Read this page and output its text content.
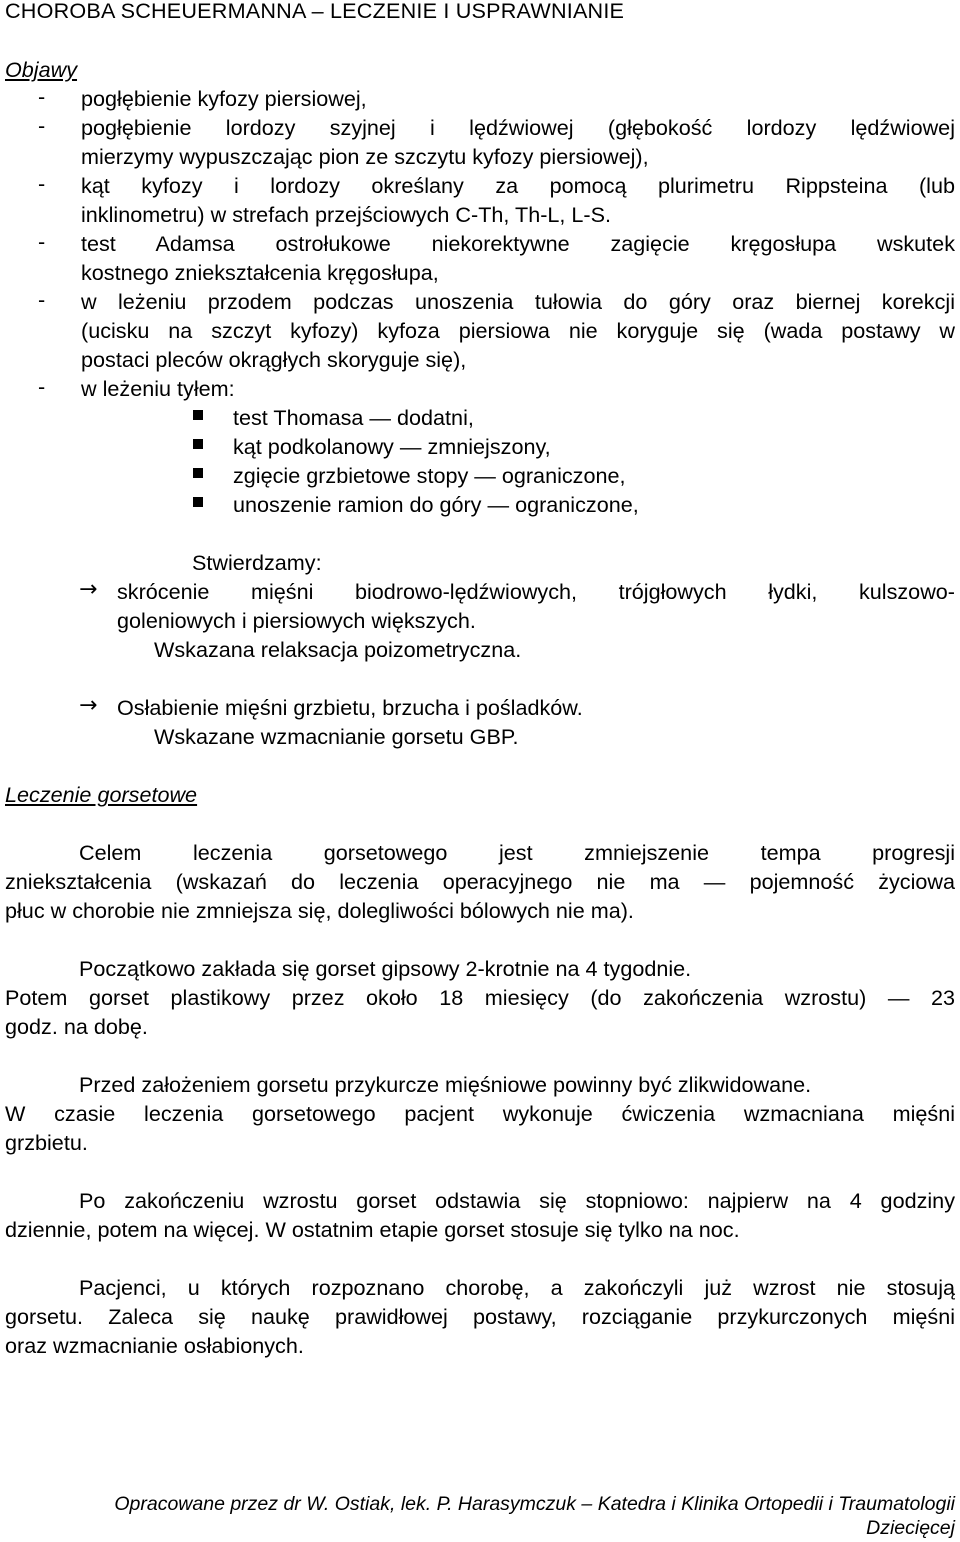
CHOROBA SCHEUERMANNA – LECZENIE I USPRAWNIANIE
Objawy
- pogłębienie kyfozy piersiowej,
- pogłębienie lordozy szyjnej i lędźwiowej (głębokość lordozy lędźwiowej
mierzymy wypuszczając pion ze szczytu kyfozy piersiowej),
- kąt kyfozy i lordozy określany za pomocą plurimetru Rippsteina (lub
inklinometru) w strefach przejściowych C-Th, Th-L, L-S.
- test Adamsa ostrołukowe niekorektywne zagięcie kręgosłupa wskutek
kostnego zniekształcenia kręgosłupa,
- w leżeniu przodem podczas unoszenia tułowia do góry oraz biernej korekcji
(ucisku na szczyt kyfozy) kyfoza piersiowa nie koryguje się (wada postawy w
postaci pleców okrągłych skoryguje się),
- w leżeniu tyłem:
test Thomasa — dodatni,
kąt podkolanowy — zmniejszony,
zgięcie grzbietowe stopy — ograniczone,
unoszenie ramion do góry — ograniczone,
Stwierdzamy:
→ skrócenie mięśni biodrowo-lędźwiowych, trójgłowych łydki, kulszowo-
goleniowych i piersiowych większych.
Wskazana relaksacja poizometryczna.
→ Osłabienie mięśni grzbietu, brzucha i pośladków.
Wskazane wzmacnianie gorsetu GBP.
Leczenie gorsetowe
Celem leczenia gorsetowego jest zmniejszenie tempa progresji
zniekształcenia (wskazań do leczenia operacyjnego nie ma — pojemność życiowa
płuc w chorobie nie zmniejsza się, dolegliwości bólowych nie ma).
Początkowo zakłada się gorset gipsowy 2-krotnie na 4 tygodnie.
Potem gorset plastikowy przez około 18 miesięcy (do zakończenia wzrostu) — 23
godz. na dobę.
Przed założeniem gorsetu przykurcze mięśniowe powinny być zlikwidowane.
W czasie leczenia gorsetowego pacjent wykonuje ćwiczenia wzmacniana mięśni
grzbietu.
Po zakończeniu wzrostu gorset odstawia się stopniowo: najpierw na 4 godziny
dziennie, potem na więcej. W ostatnim etapie gorset stosuje się tylko na noc.
Pacjenci, u których rozpoznano chorobę, a zakończyli już wzrost nie stosują
gorsetu. Zaleca się naukę prawidłowej postawy, rozciąganie przykurczonych mięśni
oraz wzmacnianie osłabionych.
Opracowane przez dr W. Ostiak, lek. P. Harasymczuk – Katedra i Klinika Ortopedii i Traumatologii
Dziecięcej
